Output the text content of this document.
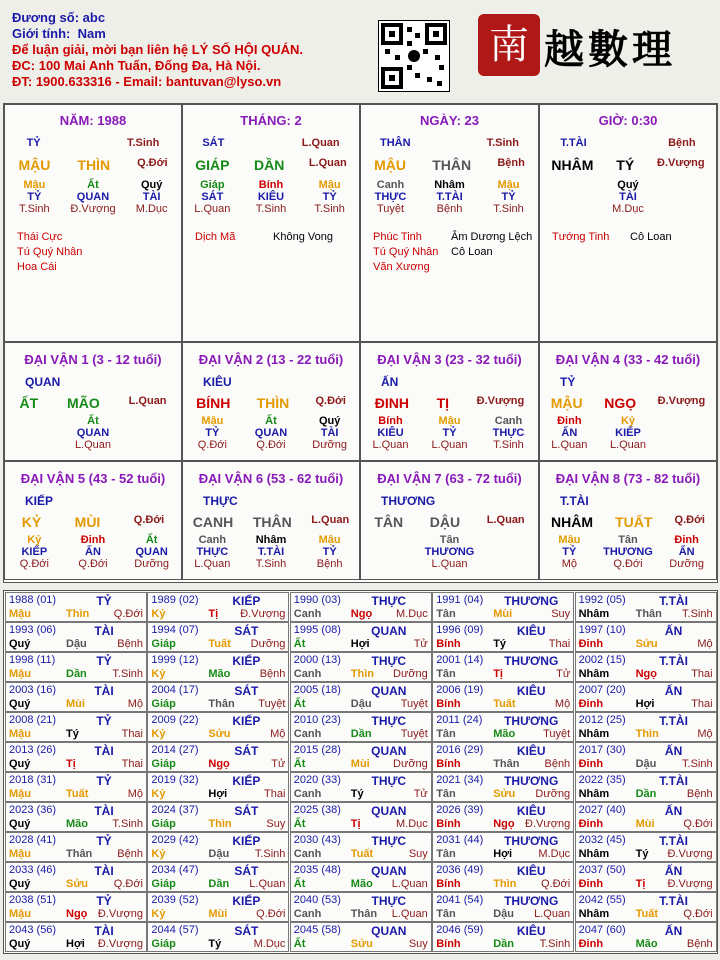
Đương số: abc
Giới tính: Nam
Để luận giải, mời bạn liên hệ LÝ SỐ HỘI QUÁN.
ĐC: 100 Mai Anh Tuấn, Đống Đa, Hà Nội.
ĐT: 1900.633316 - Email: bantuvan@lyso.vn
南 越數理
NĂM: 1988
TỶ	T.Sinh
MẬU THÌN Q.Đới
Mậu
TỶ
T.Sinh
Ất
QUAN
Đ.Vượng
Quý
TÀI
M.Dục
Thái Cực
Tú Quý Nhân
Hoa Cái
THÁNG: 2
SÁT	L.Quan
GIÁP DẦN L.Quan
Giáp
SÁT
L.Quan
Bính
KIÊU
T.Sinh
Mậu
TỶ
T.Sinh
Dịch Mã	Không Vong
NGÀY: 23
THÂN	T.Sinh
MẬU THÂN Bệnh
Canh
THỰC
Tuyệt
Nhâm
T.TÀI
Bệnh
Mậu
TỶ
T.Sinh
Phúc Tinh
Tú Quý Nhân
Văn Xương
Âm Dương Lệch
Cô Loan
GIỜ: 0:30
T.TÀI	Bệnh
NHÂM TÝ Đ.Vượng
Quý
TÀI
M.Dục
Tướng Tinh Cô Loan
ĐẠI VẬN 1 (3 - 12 tuổi)
QUAN
ẤT MÃO	L.Quan
Ất
QUAN
L.Quan
ĐẠI VẬN 2 (13 - 22 tuổi)
KIÊU
BÍNH THÌN Q.Đới
Mậu
TỶ
Q.Đới
Ất
QUAN
Q.Đới
Quý
TÀI
Dưỡng
ĐẠI VẬN 3 (23 - 32 tuổi)
ẤN
ĐINH TỊ	Đ.Vượng
Bính
KIÊU
L.Quan
Mậu
TỶ
L.Quan
Canh
THỰC
T.Sinh
ĐẠI VẬN 4 (33 - 42 tuổi)
TỶ
MẬU NGỌ Đ.Vượng
Đinh
ẤN
L.Quan
Kỷ
KIẾP
L.Quan
ĐẠI VẬN 5 (43 - 52 tuổi)
KIẾP
KỶ MÙI	Q.Đới
Kỷ
KIẾP
Q.Đới
Đinh
ẤN
Q.Đới
Ất
QUAN
Dưỡng
ĐẠI VẬN 6 (53 - 62 tuổi)
THỰC
CANH THÂN L.Quan
Canh
THỰC
L.Quan
Nhâm
T.TÀI
T.Sinh
Mậu
TỶ
Bệnh
ĐẠI VẬN 7 (63 - 72 tuổi)
THƯƠNG
TÂN DẬU L.Quan
Tân
THƯƠNG
L.Quan
ĐẠI VẬN 8 (73 - 82 tuổi)
T.TÀI
NHÂM TUẤT Q.Đới
Mậu
TỶ
Mộ
Tân
THƯƠNG
Q.Đới
Đinh
ẤN
Dưỡng
1988 (01)	TỶ
Mậu	Thìn Q.Đới
1989 (02)	KIẾP
Kỷ	Tị Đ.Vượng
1990 (03)	THỰC
Canh	Ngọ M.Dục
1991 (04)	THƯƠNG
Tân	Mùi	Suy
1992 (05)	T.TÀI
Nhâm Thân T.Sinh
1993 (06)	TÀI
Quý	Dậu	Bệnh
1994 (07)	SÁT
Giáp	Tuất Dưỡng
1995 (08)	QUAN
Ất	Hợi	Tử
1996 (09)	KIÊU
Bính	Tý	Thai
1997 (10)	ẤN
Đinh	Sửu	Mộ
1998 (11)	TỶ
Mậu	Dần T.Sinh
1999 (12)	KIẾP
Kỷ	Mão	Bệnh
2000 (13)	THỰC
Canh	Thìn Dưỡng
2001 (14)	THƯƠNG
Tân	Tị	Tử
2002 (15)	T.TÀI
Nhâm Ngọ	Thai
2003 (16)	TÀI
Quý	Mùi	Mộ
2004 (17)	SÁT
Giáp	Thân Tuyệt
2005 (18)	QUAN
Ất	Dậu	Tuyệt
2006 (19)	KIÊU
Bính	Tuất	Mộ
2007 (20)	ẤN
Đinh	Hợi	Thai
2008 (21)	TỶ
Mậu	Tý	Thai
2009 (22)	KIẾP
Kỷ	Sửu	Mộ
2010 (23)	THỰC
Canh	Dần	Tuyệt
2011 (24)	THƯƠNG
Tân	Mão	Tuyệt
2012 (25)	T.TÀI
Nhâm Thìn	Mộ
2013 (26)	TÀI
Quý	Tị	Thai
2014 (27)	SÁT
Giáp	Ngọ	Tử
2015 (28)	QUAN
Ất	Mùi Dưỡng
2016 (29)	KIÊU
Bính	Thân Bệnh
2017 (30)	ẤN
Đinh	Dậu T.Sinh
2018 (31)	TỶ
Mậu	Tuất	Mộ
2019 (32)	KIẾP
Kỷ	Hợi	Thai
2020 (33)	THỰC
Canh	Tý	Tử
2021 (34)	THƯƠNG
Tân	Sửu Dưỡng
2022 (35)	T.TÀI
Nhâm Dần	Bệnh
2023 (36)	TÀI
Quý	Mão T.Sinh
2024 (37)	SÁT
Giáp	Thìn	Suy
2025 (38)	QUAN
Ất	Tị	M.Dục
2026 (39)	KIÊU
Bính	Ngọ Đ.Vượng
2027 (40)	ẤN
Đinh	Mùi	Q.Đới
2028 (41)	TỶ
Mậu	Thân Bệnh
2029 (42)	KIẾP
Kỷ	Dậu T.Sinh
2030 (43)	THỰC
Canh	Tuất	Suy
2031 (44)	THƯƠNG
Tân	Hợi M.Dục
2032 (45)	T.TÀI
Nhâm Tý Đ.Vượng
2033 (46)	TÀI
Quý	Sửu Q.Đới
2034 (47)	SÁT
Giáp	Dần L.Quan
2035 (48)	QUAN
Ất	Mão L.Quan
2036 (49)	KIÊU
Bính	Thìn Q.Đới
2037 (50)	ẤN
Đinh	Tị Đ.Vượng
2038 (51)	TỶ
Mậu	Ngọ Đ.Vượng
2039 (52)	KIẾP
Kỷ	Mùi	Q.Đới
2040 (53)	THỰC
Canh	Thân L.Quan
2041 (54)	THƯƠNG
Tân	Dậu L.Quan
2042 (55)	T.TÀI
Nhâm Tuất Q.Đới
2043 (56)	TÀI
Quý	Hợi Đ.Vượng
2044 (57)	SÁT
Giáp	Tý	M.Dục
2045 (58)	QUAN
Ất	Sửu	Suy
2046 (59)	KIÊU
Bính	Dần T.Sinh
2047 (60)	ẤN
Đinh	Mão	Bệnh
